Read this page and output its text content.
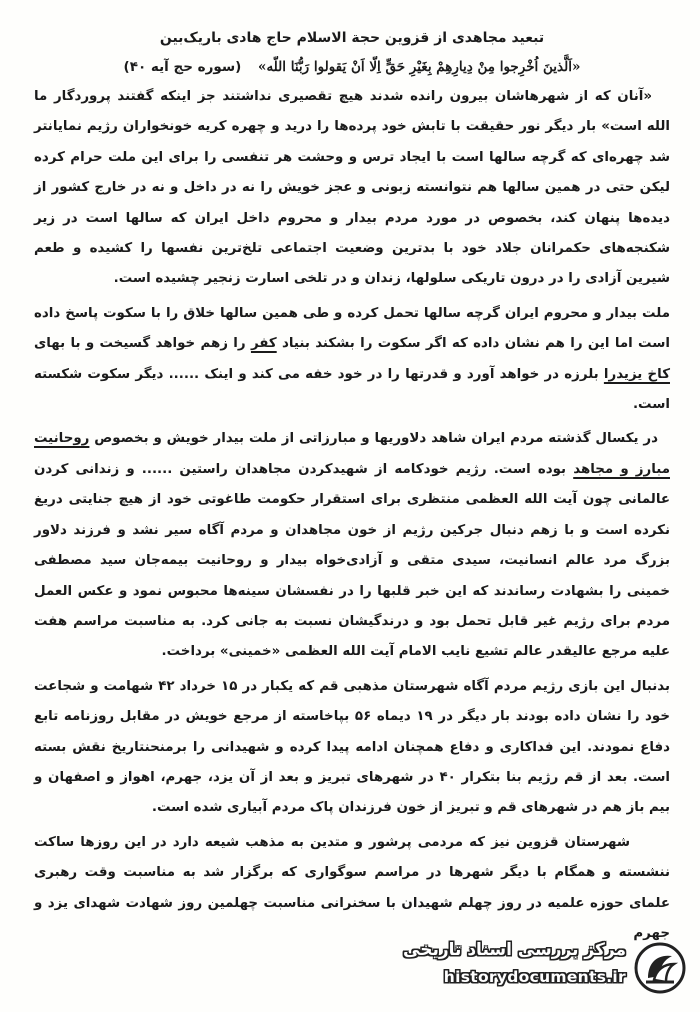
تبعید مجاهدی از قزوین حجة الاسلام حاج هادی باریک‌بین

«اَلَّذینَ اُخْرِجوا مِنْ دِیارِهِمْ بِغَیْرِ حَقٍّ اِلّا اَنْ یَقولوا رَبُّنَا اللّه» (سوره حج آیه ۴۰)

«آنان که از شهرهاشان بیرون رانده شدند هیچ تقصیری نداشتند جز اینکه گفتند پروردگار ما الله است» بار دیگر نور حقیقت با تابش خود پرده‌ها را درید و چهره کریه خونخواران رژیم نمایانتر شد چهره‌ای که گرچه سالها است با ایجاد ترس و وحشت هر تنفسی را برای این ملت حرام کرده لیکن حتی در همین سالها هم نتوانسته زبونی و عجز خویش را نه در داخل و نه در خارج کشور از دیده‌ها پنهان کند، بخصوص در مورد مردم بیدار و محروم داخل ایران که سالها است در زیر شکنجه‌های حکمرانان جلاد خود با بدترین وضعیت اجتماعی تلخ‌ترین نفسها را کشیده و طعم شیرین آزادی را در درون تاریکی سلولها، زندان و در تلخی اسارت زنجیر چشیده است.

ملت بیدار و محروم ایران گرچه سالها تحمل کرده و طی همین سالها خلاق را با سکوت پاسخ داده است اما این را هم نشان داده که اگر سکوت را بشکند بنیاد کفر را زهم خواهد گسیخت و با بهای کاخ یزیدرا بلرزه در خواهد آورد و قدرتها را در خود خفه می کند و اینک ...... دیگر سکوت شکسته است.

در یکسال گذشته مردم ایران شاهد دلاوریها و مبارزاتی از ملت بیدار خویش و بخصوص روحانیت مبارز و مجاهد بوده است. رژیم خودکامه از شهیدکردن مجاهدان راستین ...... و زندانی کردن عالمانی چون آیت الله العظمی منتظری برای استقرار حکومت طاغوتی خود از هیچ جنایتی دریغ نکرده است و با زهم دنبال جرکین رژیم از خون مجاهدان و مردم آگاه سیر نشد و فرزند دلاور بزرگ مرد عالم انسانیت، سیدی متقی و آزادی‌خواه بیدار و روحانیت بیمه‌جان سید مصطفی خمینی را بشهادت رساندند که این خبر قلبها را در نفسشان سینه‌ها محبوس نمود و عکس العمل مردم برای رژیم غیر قابل تحمل بود و درندگیشان نسبت به جانی کرد. به مناسبت مراسم هفت علیه مرجع عالیقدر عالم تشیع نایب الامام آیت الله العظمی «خمینی» برداخت.

بدنبال این بازی رژیم مردم آگاه شهرستان مذهبی قم که یکبار در ۱۵ خرداد ۴۲ شهامت و شجاعت خود را نشان داده بودند بار دیگر در ۱۹ دیماه ۵۶ بپاخاسته از مرجع خویش در مقابل روزنامه تابع دفاع نمودند. این فداکاری و دفاع همچنان ادامه پیدا کرده و شهیدانی را برمنحنتاریخ نقش بسته است. بعد از قم رژیم بنا بتکرار ۴۰ در شهرهای تبریز و بعد از آن یزد، جهرم، اهواز و اصفهان و بیم باز هم در شهرهای قم و تبریز از خون فرزندان پاک مردم آبیاری شده است.

شهرستان قزوین نیز که مردمی پرشور و متدین به مذهب شیعه دارد در این روزها ساکت ننشسته و همگام با دیگر شهرها در مراسم سوگواری که برگزار شد به مناسبت وقت رهبری علمای حوزه علمیه در روز چهلم شهیدان با سخنرانی مناسبت چهلمین روز شهادت شهدای یزد و جهرم

مرکز بررسی اسناد تاریخی
historydocuments.ir
